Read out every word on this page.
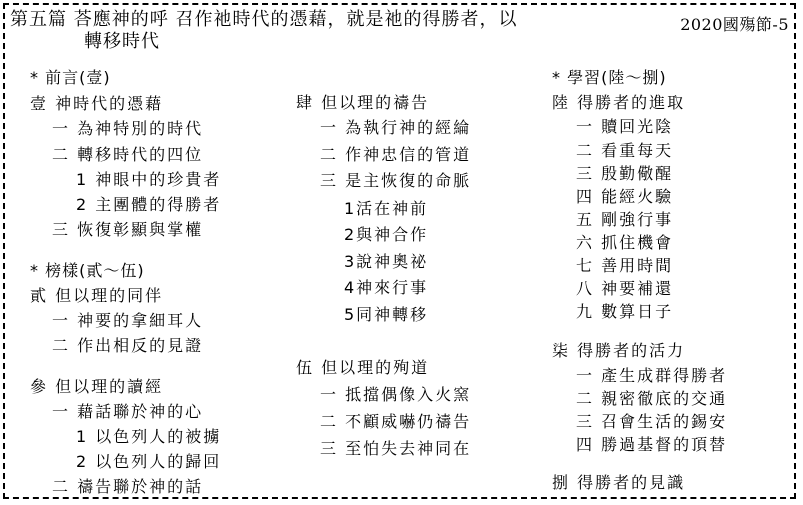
第五篇 荅應神的呼 召作祂時代的憑藉，就是祂的得勝者，以
轉移時代
2020國殤節-5
* 前言(壹)
壹 神時代的憑藉
一 為神特別的時代
二 轉移時代的四位
1 神眼中的珍貴者
2 主團體的得勝者
三 恢復彰顯與掌權
* 榜樣(貳～伍)
貳 但以理的同伴
一 神要的拿細耳人
二 作出相反的見證
參 但以理的讀經
一 藉話聯於神的心
1 以色列人的被擄
2 以色列人的歸回
二 禱告聯於神的話
肆 但以理的禱告
一 為執行神的經綸
二 作神忠信的管道
三 是主恢復的命脈
1活在神前
2與神合作
3說神奧祕
4神來行事
5同神轉移
伍 但以理的殉道
一 抵擋偶像入火窯
二 不顧威嚇仍禱告
三 至怕失去神同在
* 學習(陸～捌)
陸 得勝者的進取
一 贖回光陰
二 看重每天
三 殷勤儆醒
四 能經火驗
五 剛強行事
六 抓住機會
七 善用時間
八 神要補還
九 數算日子
柒 得勝者的活力
一 產生成群得勝者
二 親密徹底的交通
三 召會生活的錫安
四 勝過基督的頂替
捌 得勝者的見識
